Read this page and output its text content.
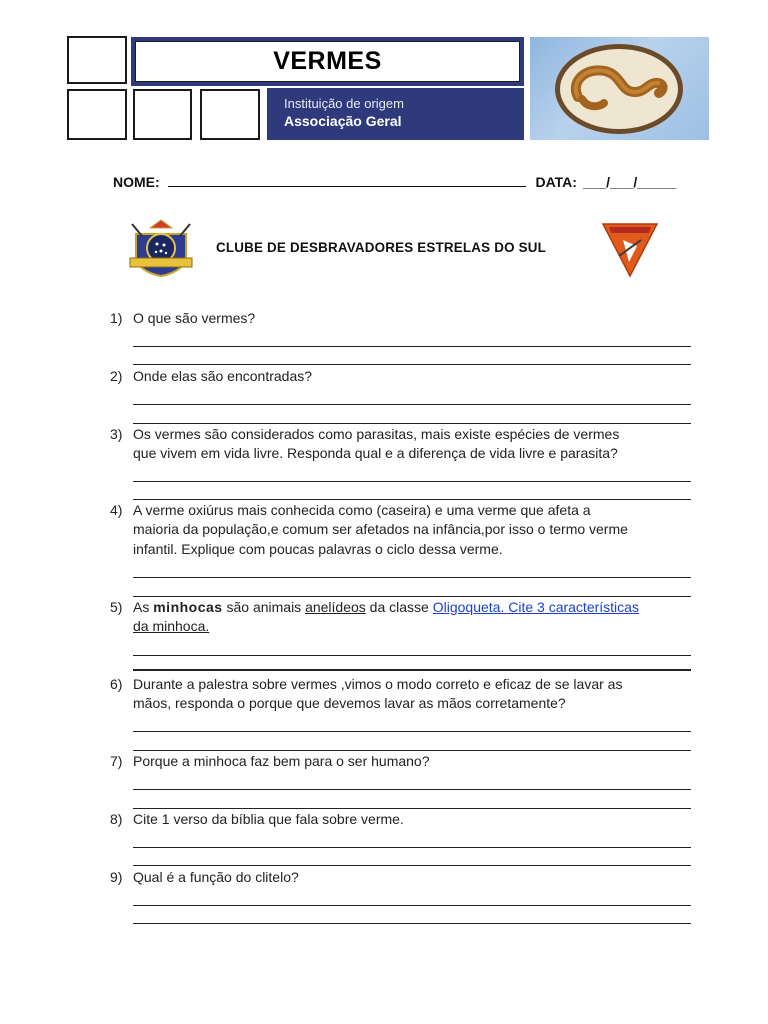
VERMES
Instituição de origem
Associação Geral
NOME:	DATA: ___/___/_____
CLUBE DE DESBRAVADORES ESTRELAS DO SUL
1) O que são vermes?
2) Onde elas são encontradas?
3) Os vermes são considerados como parasitas, mais existe espécies de vermes
que vivem em vida livre. Responda qual e a diferença de vida livre e parasita?
4) A verme oxiúrus mais conhecida como (caseira) e uma verme que afeta a
maioria da população,e comum ser afetados na infância,por isso o termo verme
infantil. Explique com poucas palavras o ciclo dessa verme.
5) As minhocas são animais anelídeos da classe Oligoqueta. Cite 3 características
da minhoca.
6) Durante a palestra sobre vermes ,vimos o modo correto e eficaz de se lavar as
mãos, responda o porque que devemos lavar as mãos corretamente?
7) Porque a minhoca faz bem para o ser humano?
8) Cite 1 verso da bíblia que fala sobre verme.
9) Qual é a função do clitelo?
